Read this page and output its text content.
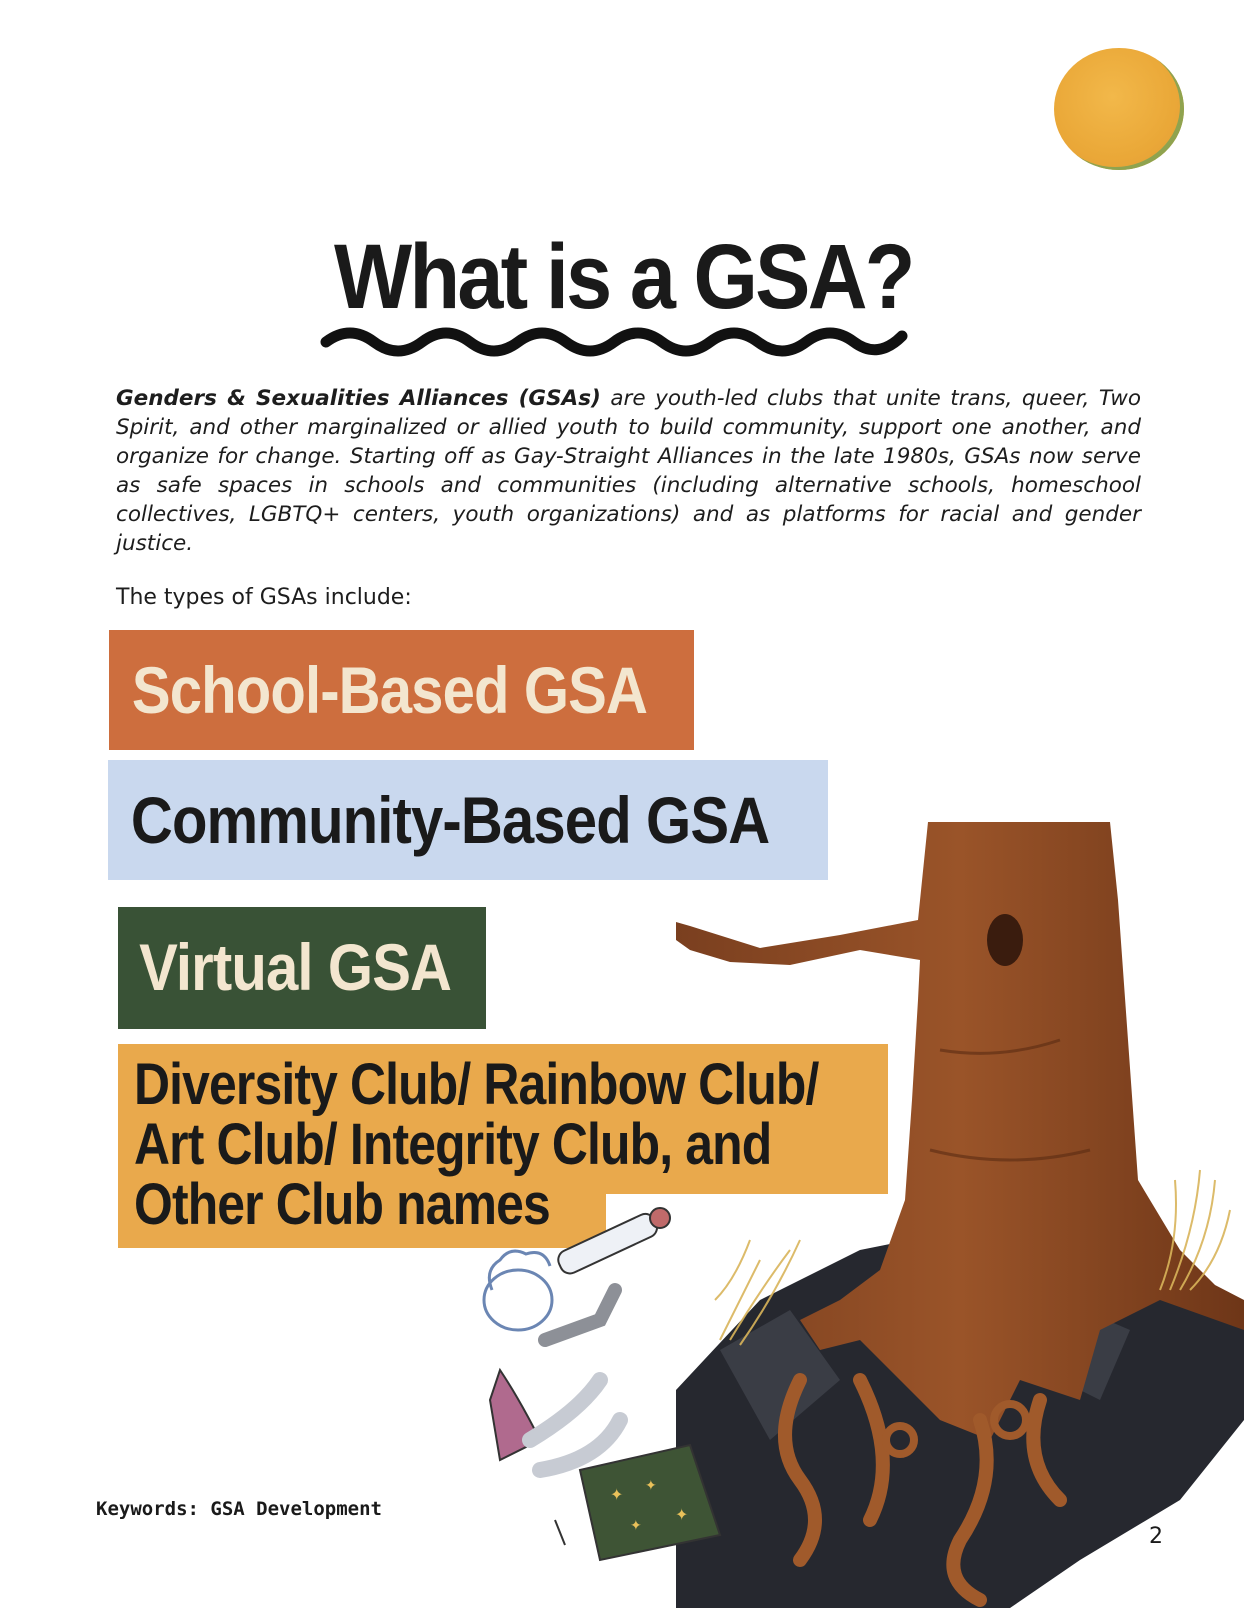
What is a GSA?
Genders & Sexualities Alliances (GSAs) are youth-led clubs that unite trans, queer, Two Spirit, and other marginalized or allied youth to build community, support one another, and organize for change. Starting off as Gay-Straight Alliances in the late 1980s, GSAs now serve as safe spaces in schools and communities (including alternative schools, homeschool collectives, LGBTQ+ centers, youth organizations) and as platforms for racial and gender justice.
The types of GSAs include:
School-Based GSA
Community-Based GSA
Virtual GSA
Diversity Club/ Rainbow Club/
Art Club/ Integrity Club, and
Other Club names
✦ ✦
✦
✦
Keywords: GSA Development
2
